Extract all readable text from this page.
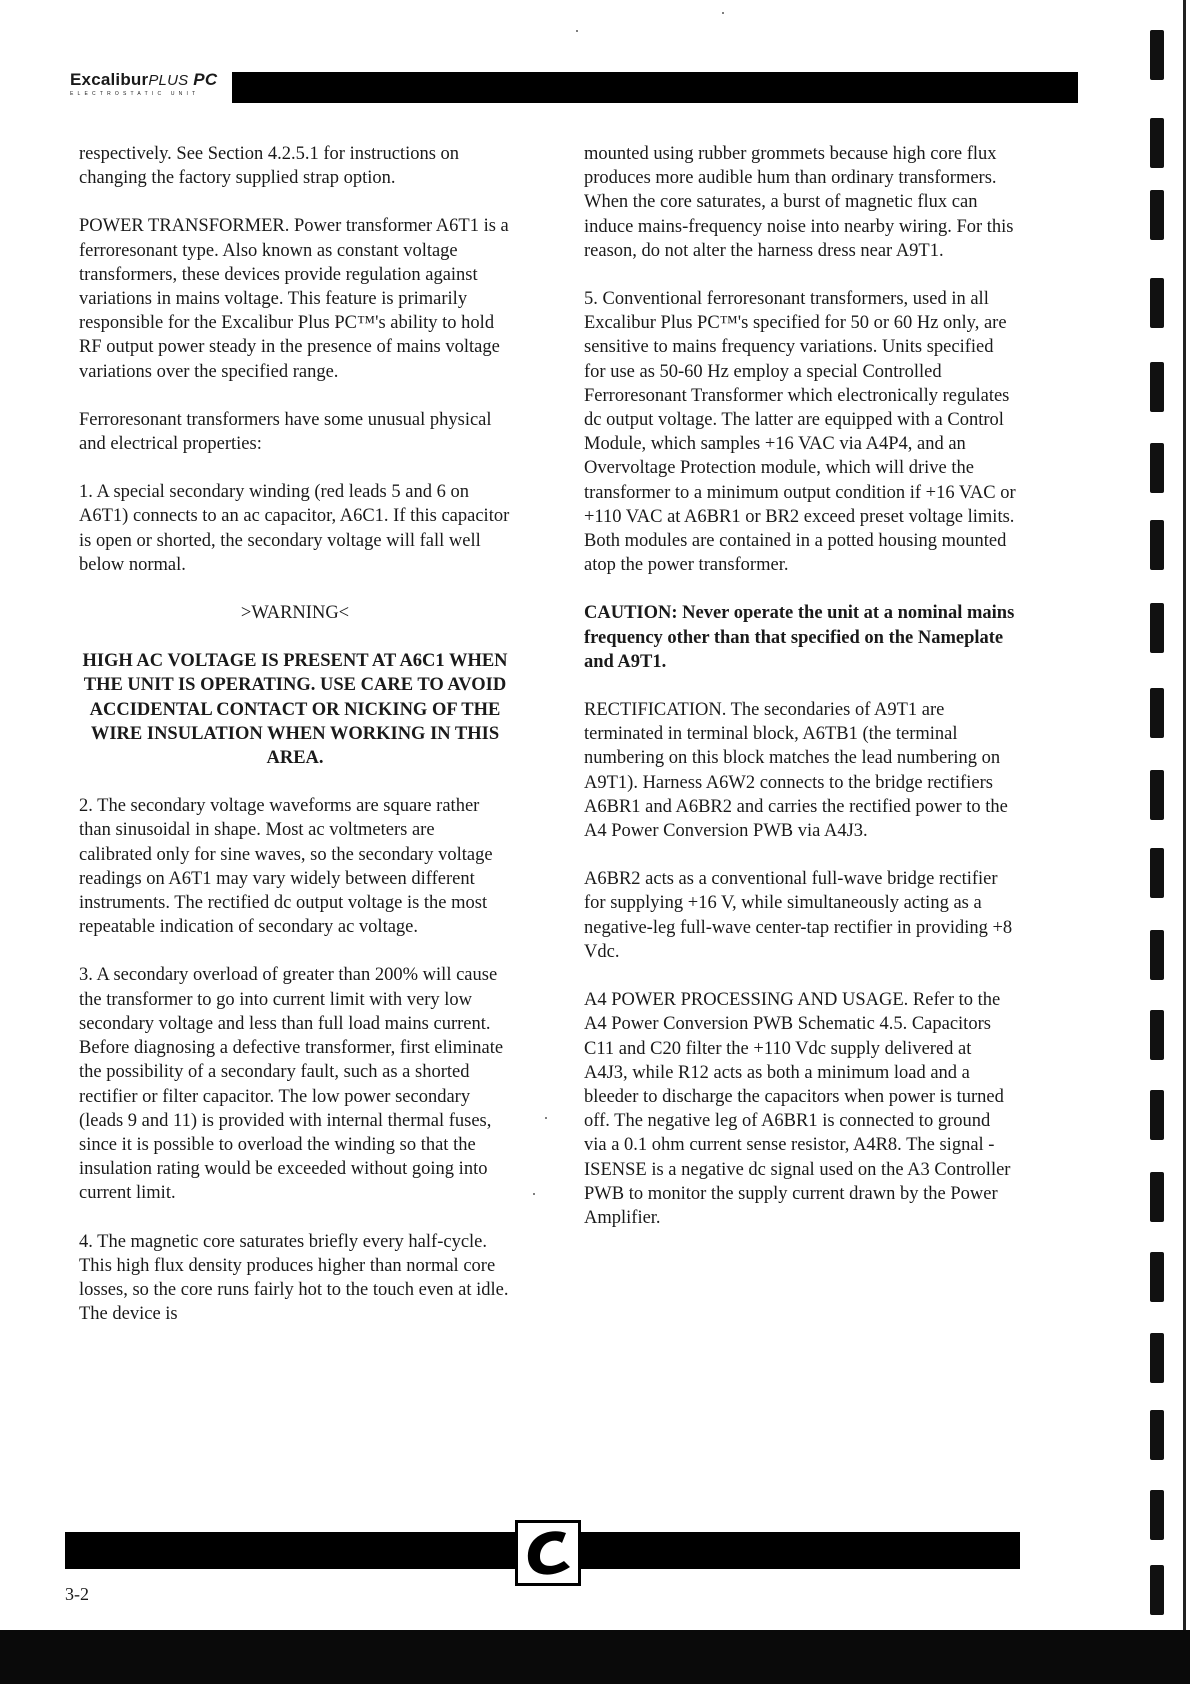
ExcaliburPLUS PC
ELECTROSTATIC UNIT

respectively. See Section 4.2.5.1 for instructions on changing the factory supplied strap option.

POWER TRANSFORMER. Power transformer A6T1 is a ferroresonant type. Also known as constant voltage transformers, these devices provide regulation against variations in mains voltage. This feature is primarily responsible for the Excalibur Plus PC™'s ability to hold RF output power steady in the presence of mains voltage variations over the specified range.

Ferroresonant transformers have some unusual physical and electrical properties:

1. A special secondary winding (red leads 5 and 6 on A6T1) connects to an ac capacitor, A6C1. If this capacitor is open or shorted, the secondary voltage will fall well below normal.

>WARNING<
HIGH AC VOLTAGE IS PRESENT AT A6C1 WHEN THE UNIT IS OPERATING. USE CARE TO AVOID ACCIDENTAL CONTACT OR NICKING OF THE WIRE INSULATION WHEN WORKING IN THIS AREA.

2. The secondary voltage waveforms are square rather than sinusoidal in shape. Most ac voltmeters are calibrated only for sine waves, so the secondary voltage readings on A6T1 may vary widely between different instruments. The rectified dc output voltage is the most repeatable indication of secondary ac voltage.

3. A secondary overload of greater than 200% will cause the transformer to go into current limit with very low secondary voltage and less than full load mains current. Before diagnosing a defective transformer, first eliminate the possibility of a secondary fault, such as a shorted rectifier or filter capacitor. The low power secondary (leads 9 and 11) is provided with internal thermal fuses, since it is possible to overload the winding so that the insulation rating would be exceeded without going into current limit.

4. The magnetic core saturates briefly every half-cycle. This high flux density produces higher than normal core losses, so the core runs fairly hot to the touch even at idle. The device is

mounted using rubber grommets because high core flux produces more audible hum than ordinary transformers. When the core saturates, a burst of magnetic flux can induce mains-frequency noise into nearby wiring. For this reason, do not alter the harness dress near A9T1.

5. Conventional ferroresonant transformers, used in all Excalibur Plus PC™'s specified for 50 or 60 Hz only, are sensitive to mains frequency variations. Units specified for use as 50-60 Hz employ a special Controlled Ferroresonant Transformer which electronically regulates dc output voltage. The latter are equipped with a Control Module, which samples +16 VAC via A4P4, and an Overvoltage Protection module, which will drive the transformer to a minimum output condition if +16 VAC or +110 VAC at A6BR1 or BR2 exceed preset voltage limits. Both modules are contained in a potted housing mounted atop the power transformer.

CAUTION: Never operate the unit at a nominal mains frequency other than that specified on the Nameplate and A9T1.

RECTIFICATION. The secondaries of A9T1 are terminated in terminal block, A6TB1 (the terminal numbering on this block matches the lead numbering on A9T1). Harness A6W2 connects to the bridge rectifiers A6BR1 and A6BR2 and carries the rectified power to the A4 Power Conversion PWB via A4J3.

A6BR2 acts as a conventional full-wave bridge rectifier for supplying +16 V, while simultaneously acting as a negative-leg full-wave center-tap rectifier in providing +8 Vdc.

A4 POWER PROCESSING AND USAGE. Refer to the A4 Power Conversion PWB Schematic 4.5. Capacitors C11 and C20 filter the +110 Vdc supply delivered at A4J3, while R12 acts as both a minimum load and a bleeder to discharge the capacitors when power is turned off. The negative leg of A6BR1 is connected to ground via a 0.1 ohm current sense resistor, A4R8. The signal -ISENSE is a negative dc signal used on the A3 Controller PWB to monitor the supply current drawn by the Power Amplifier.

3-2
